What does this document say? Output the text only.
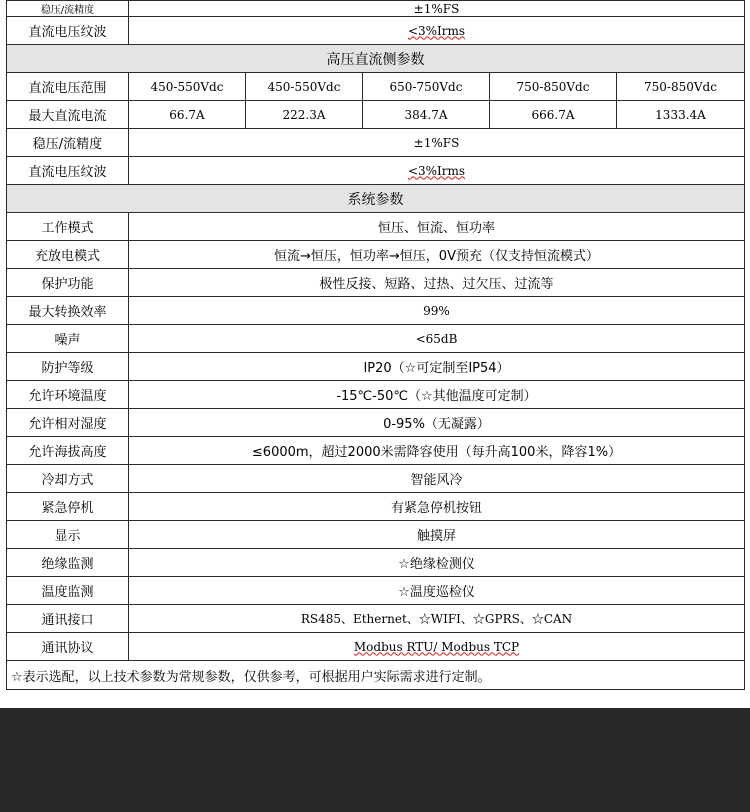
稳压/流精度	±1%FS				
直流电压纹波	<3%Irms				
高压直流侧参数					
直流电压范围	450-550Vdc	450-550Vdc	650-750Vdc	750-850Vdc	750-850Vdc
最大直流电流	66.7A	222.3A	384.7A	666.7A	1333.4A
稳压/流精度	±1%FS				
直流电压纹波	<3%Irms				
系统参数					
工作模式	恒压、恒流、恒功率				
充放电模式	恒流→恒压，恒功率→恒压，0V预充（仅支持恒流模式）				
保护功能	极性反接、短路、过热、过欠压、过流等				
最大转换效率	99%				
噪声	<65dB				
防护等级	IP20（☆可定制至IP54）				
允许环境温度	-15℃-50℃（☆其他温度可定制）				
允许相对湿度	0-95%（无凝露）				
允许海拔高度	≤6000m，超过2000米需降容使用（每升高100米，降容1%）				
冷却方式	智能风冷				
紧急停机	有紧急停机按钮				
显示	触摸屏				
绝缘监测	☆绝缘检测仪				
温度监测	☆温度巡检仪				
通讯接口	RS485、Ethernet、☆WIFI、☆GPRS、☆CAN				
通讯协议	Modbus RTU/ Modbus TCP				
☆表示选配，以上技术参数为常规参数，仅供参考，可根据用户实际需求进行定制。					
